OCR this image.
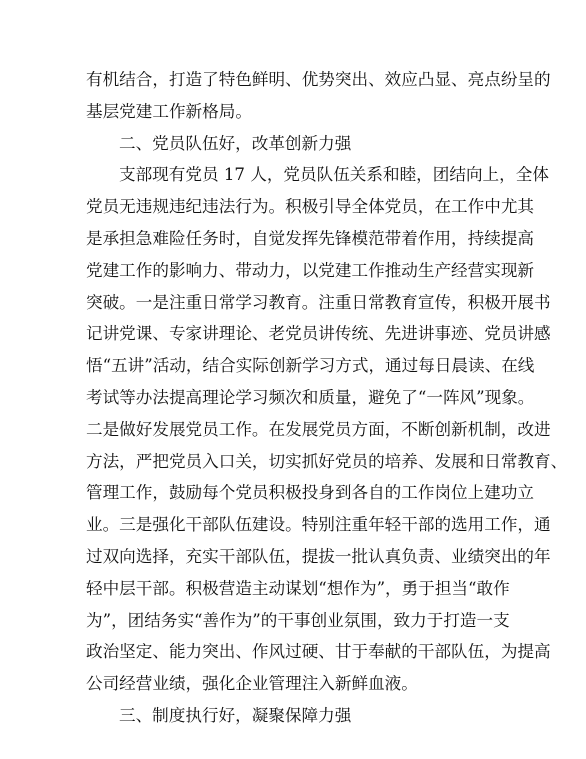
有机结合，打造了特色鲜明、优势突出、效应凸显、亮点纷呈的
基层党建工作新格局。
二、党员队伍好，改革创新力强
支部现有党员 17 人，党员队伍关系和睦，团结向上，全体
党员无违规违纪违法行为。积极引导全体党员，在工作中尤其
是承担急难险任务时，自觉发挥先锋模范带着作用，持续提高
党建工作的影响力、带动力，以党建工作推动生产经营实现新
突破。一是注重日常学习教育。注重日常教育宣传，积极开展书
记讲党课、专家讲理论、老党员讲传统、先进讲事迹、党员讲感
悟“五讲”活动，结合实际创新学习方式，通过每日晨读、在线
考试等办法提高理论学习频次和质量，避免了“一阵风”现象。
二是做好发展党员工作。在发展党员方面，不断创新机制，改进
方法，严把党员入口关，切实抓好党员的培养、发展和日常教育、
管理工作，鼓励每个党员积极投身到各自的工作岗位上建功立
业。三是强化干部队伍建设。特别注重年轻干部的选用工作，通
过双向选择，充实干部队伍，提拔一批认真负责、业绩突出的年
轻中层干部。积极营造主动谋划“想作为”，勇于担当“敢作
为”，团结务实“善作为”的干事创业氛围，致力于打造一支
政治坚定、能力突出、作风过硬、甘于奉献的干部队伍，为提高
公司经营业绩，强化企业管理注入新鲜血液。
三、制度执行好，凝聚保障力强
